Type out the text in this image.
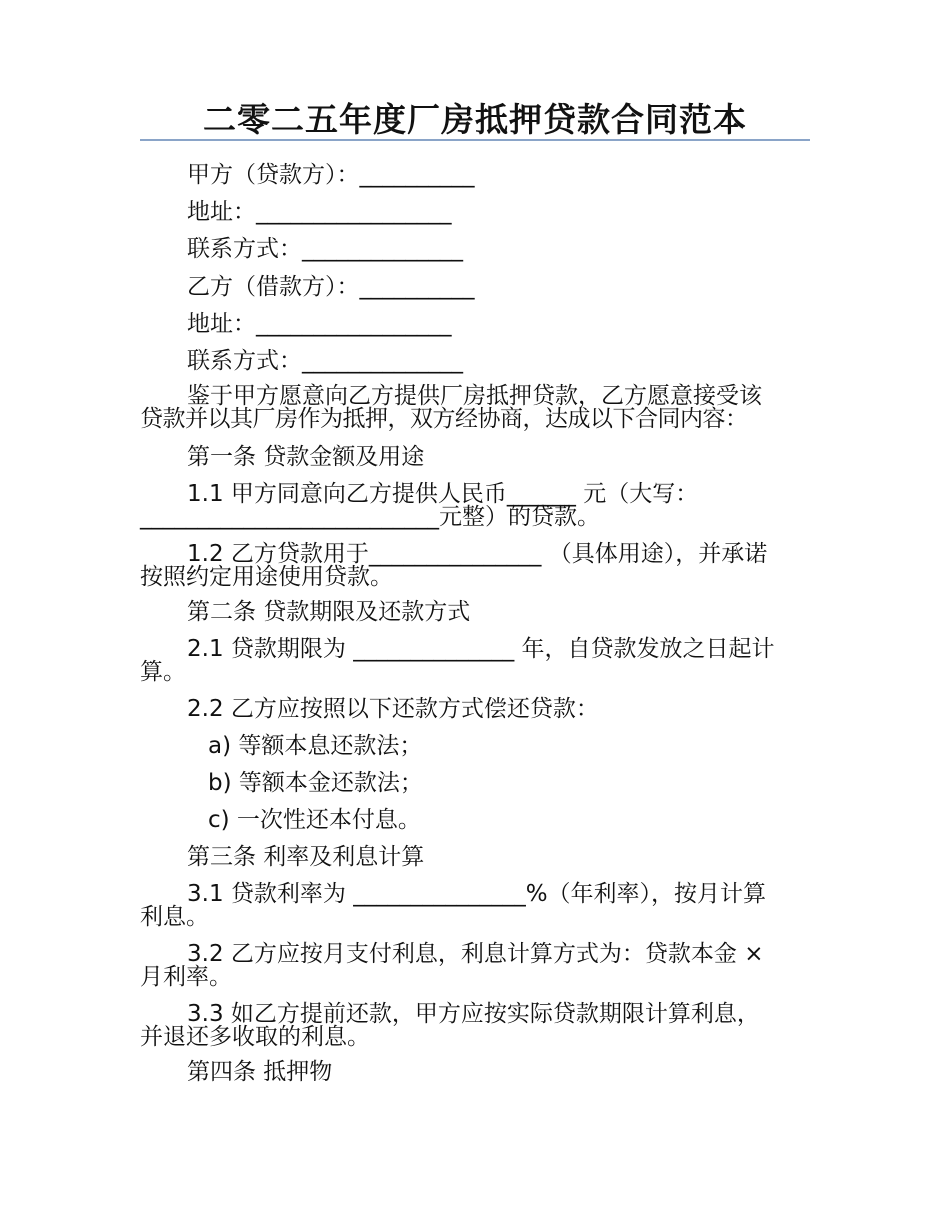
二零二五年度厂房抵押贷款合同范本
甲方（贷款方）：__________
地址：_________________
联系方式：______________
乙方（借款方）：__________
地址：_________________
联系方式：______________
鉴于甲方愿意向乙方提供厂房抵押贷款，乙方愿意接受该
贷款并以其厂房作为抵押，双方经协商，达成以下合同内容：
第一条 贷款金额及用途
1.1 甲方同意向乙方提供人民币______ 元（大写：
__________________________元整）的贷款。
1.2 乙方贷款用于_______________ （具体用途），并承诺
按照约定用途使用贷款。
第二条 贷款期限及还款方式
2.1 贷款期限为 ______________ 年，自贷款发放之日起计
算。
2.2 乙方应按照以下还款方式偿还贷款：
a) 等额本息还款法；
b) 等额本金还款法；
c) 一次性还本付息。
第三条 利率及利息计算
3.1 贷款利率为 _______________%（年利率），按月计算
利息。
3.2 乙方应按月支付利息，利息计算方式为：贷款本金 ×
月利率。
3.3 如乙方提前还款，甲方应按实际贷款期限计算利息，
并退还多收取的利息。
第四条 抵押物
